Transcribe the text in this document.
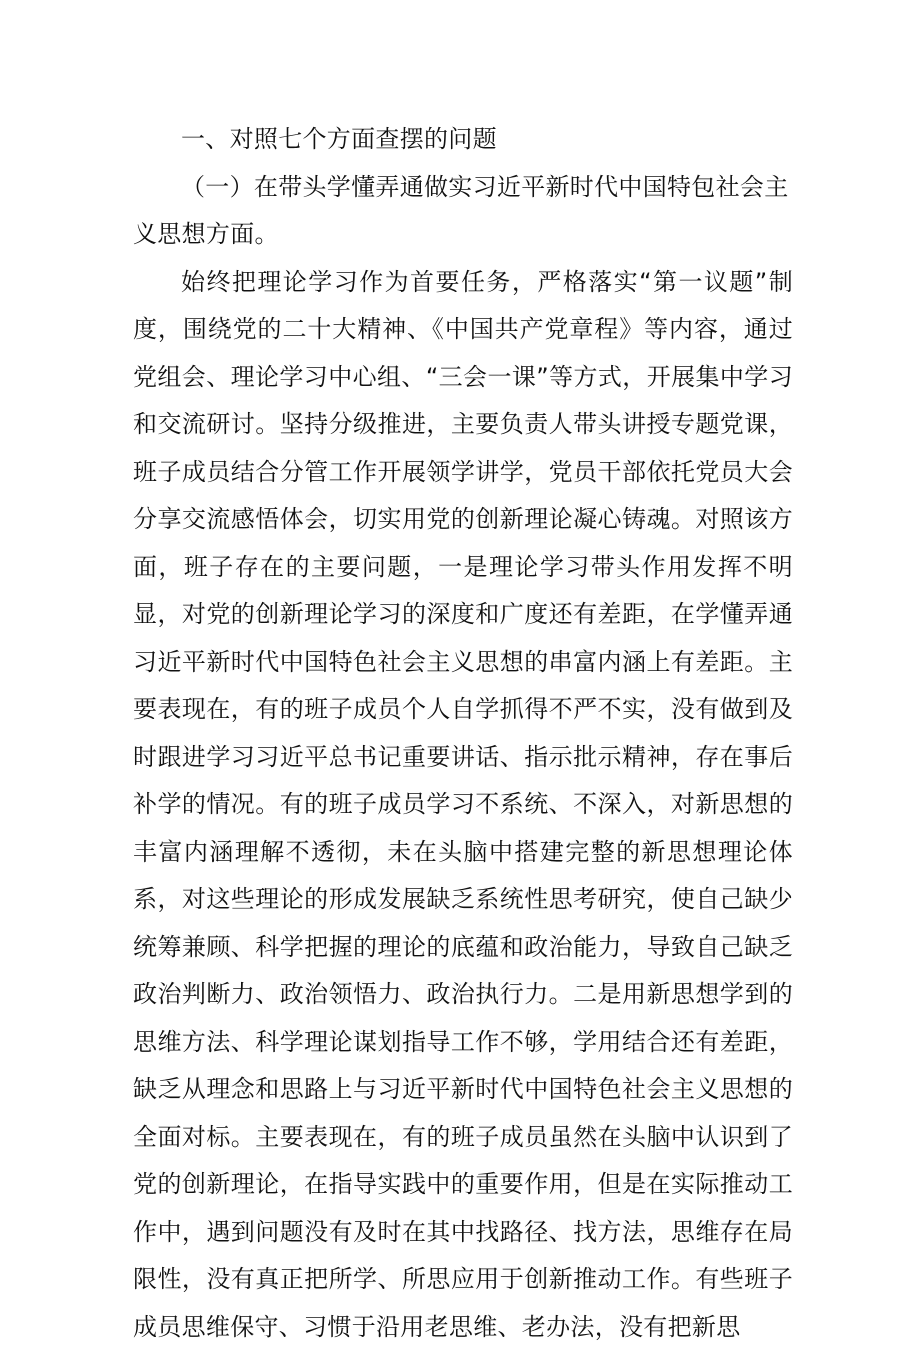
一、对照七个方面查摆的问题
（一）在带头学懂弄通做实习近平新时代中国特包社会主义思想方面。

始终把理论学习作为首要任务，严格落实“第一议题”制度，围绕党的二十大精神、《中国共产党章程》等内容，通过党组会、理论学习中心组、“三会一课”等方式，开展集中学习和交流研讨。坚持分级推进，主要负责人带头讲授专题党课，班子成员结合分管工作开展领学讲学，党员干部依托党员大会分享交流感悟体会，切实用党的创新理论凝心铸魂。对照该方面，班子存在的主要问题，一是理论学习带头作用发挥不明显，对党的创新理论学习的深度和广度还有差距，在学懂弄通习近平新时代中国特色社会主义思想的串富内涵上有差距。主要表现在，有的班子成员个人自学抓得不严不实，没有做到及时跟进学习习近平总书记重要讲话、指示批示精神，存在事后补学的情况。有的班子成员学习不系统、不深入，对新思想的丰富内涵理解不透彻，未在头脑中搭建完整的新思想理论体系，对这些理论的形成发展缺乏系统性思考研究，使自己缺少统筹兼顾、科学把握的理论的底蕴和政治能力，导致自己缺乏政治判断力、政治领悟力、政治执行力。二是用新思想学到的思维方法、科学理论谋划指导工作不够，学用结合还有差距，缺乏从理念和思路上与习近平新时代中国特色社会主义思想的全面对标。主要表现在，有的班子成员虽然在头脑中认识到了党的创新理论，在指导实践中的重要作用，但是在实际推动工作中，遇到问题没有及时在其中找路径、找方法，思维存在局限性，没有真正把所学、所思应用于创新推动工作。有些班子成员思维保守、习惯于沿用老思维、老办法，没有把新思
